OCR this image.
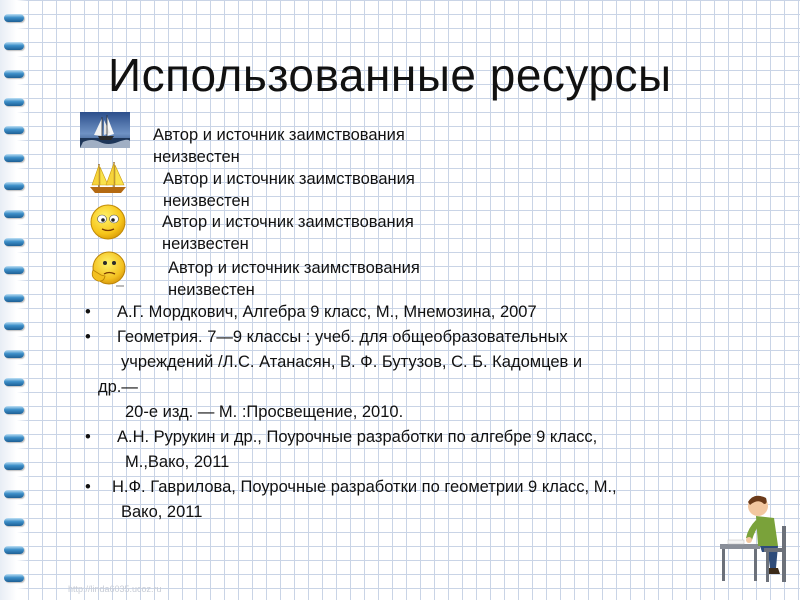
Использованные ресурсы
Автор и источник заимствования
неизвестен
Автор и источник заимствования
неизвестен
Автор и источник заимствования
неизвестен
Автор и источник заимствования
неизвестен
• А.Г. Мордкович, Алгебра 9 класс, М., Мнемозина, 2007
• Геометрия. 7—9 классы : учеб. для общеобразовательных
учреждений /Л.С. Атанасян, В. Ф. Бутузов, С. Б. Кадомцев и
др.—
20-е изд. — М. :Просвещение, 2010.
• А.Н. Рурукин и др., Поурочные разработки по алгебре 9 класс,
М.,Вако, 2011
• Н.Ф. Гаврилова, Поурочные разработки по геометрии 9 класс, М.,
Вако, 2011
http://linda6035.ucoz.ru
